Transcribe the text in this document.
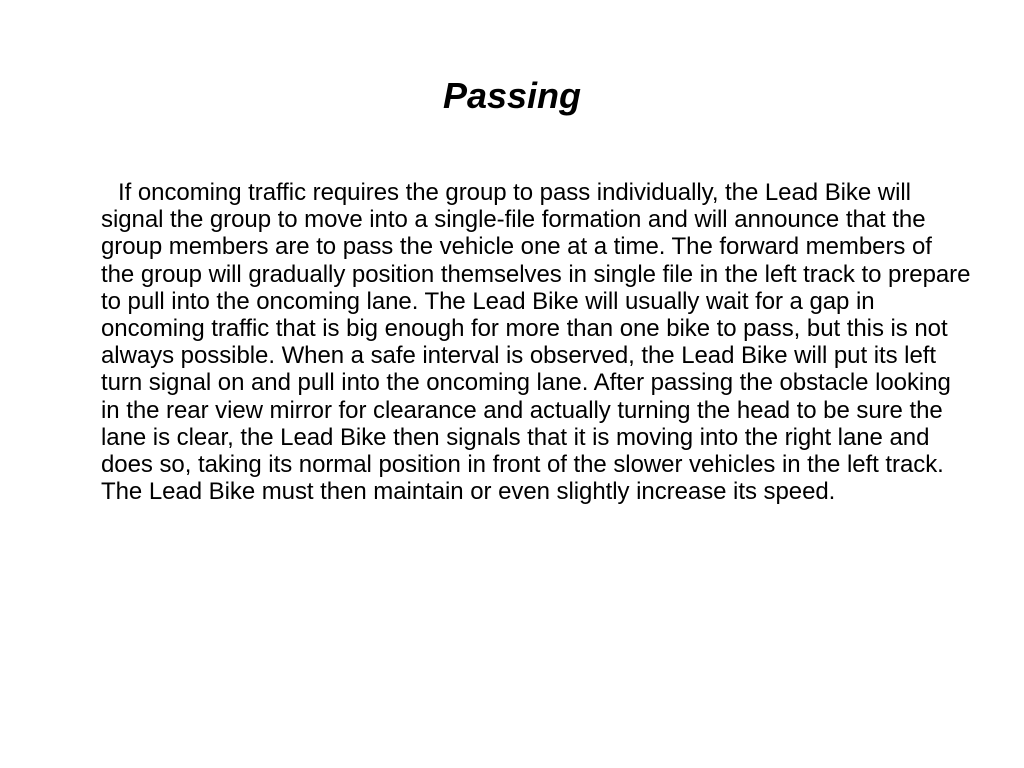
Passing

If oncoming traffic requires the group to pass individually, the Lead Bike will signal the group to move into a single-file formation and will announce that the group members are to pass the vehicle one at a time. The forward members of the group will gradually position themselves in single file in the left track to prepare to pull into the oncoming lane. The Lead Bike will usually wait for a gap in oncoming traffic that is big enough for more than one bike to pass, but this is not always possible. When a safe interval is observed, the Lead Bike will put its left turn signal on and pull into the oncoming lane. After passing the obstacle looking in the rear view mirror for clearance and actually turning the head to be sure the lane is clear, the Lead Bike then signals that it is moving into the right lane and does so, taking its normal position in front of the slower vehicles in the left track. The Lead Bike must then maintain or even slightly increase its speed.
